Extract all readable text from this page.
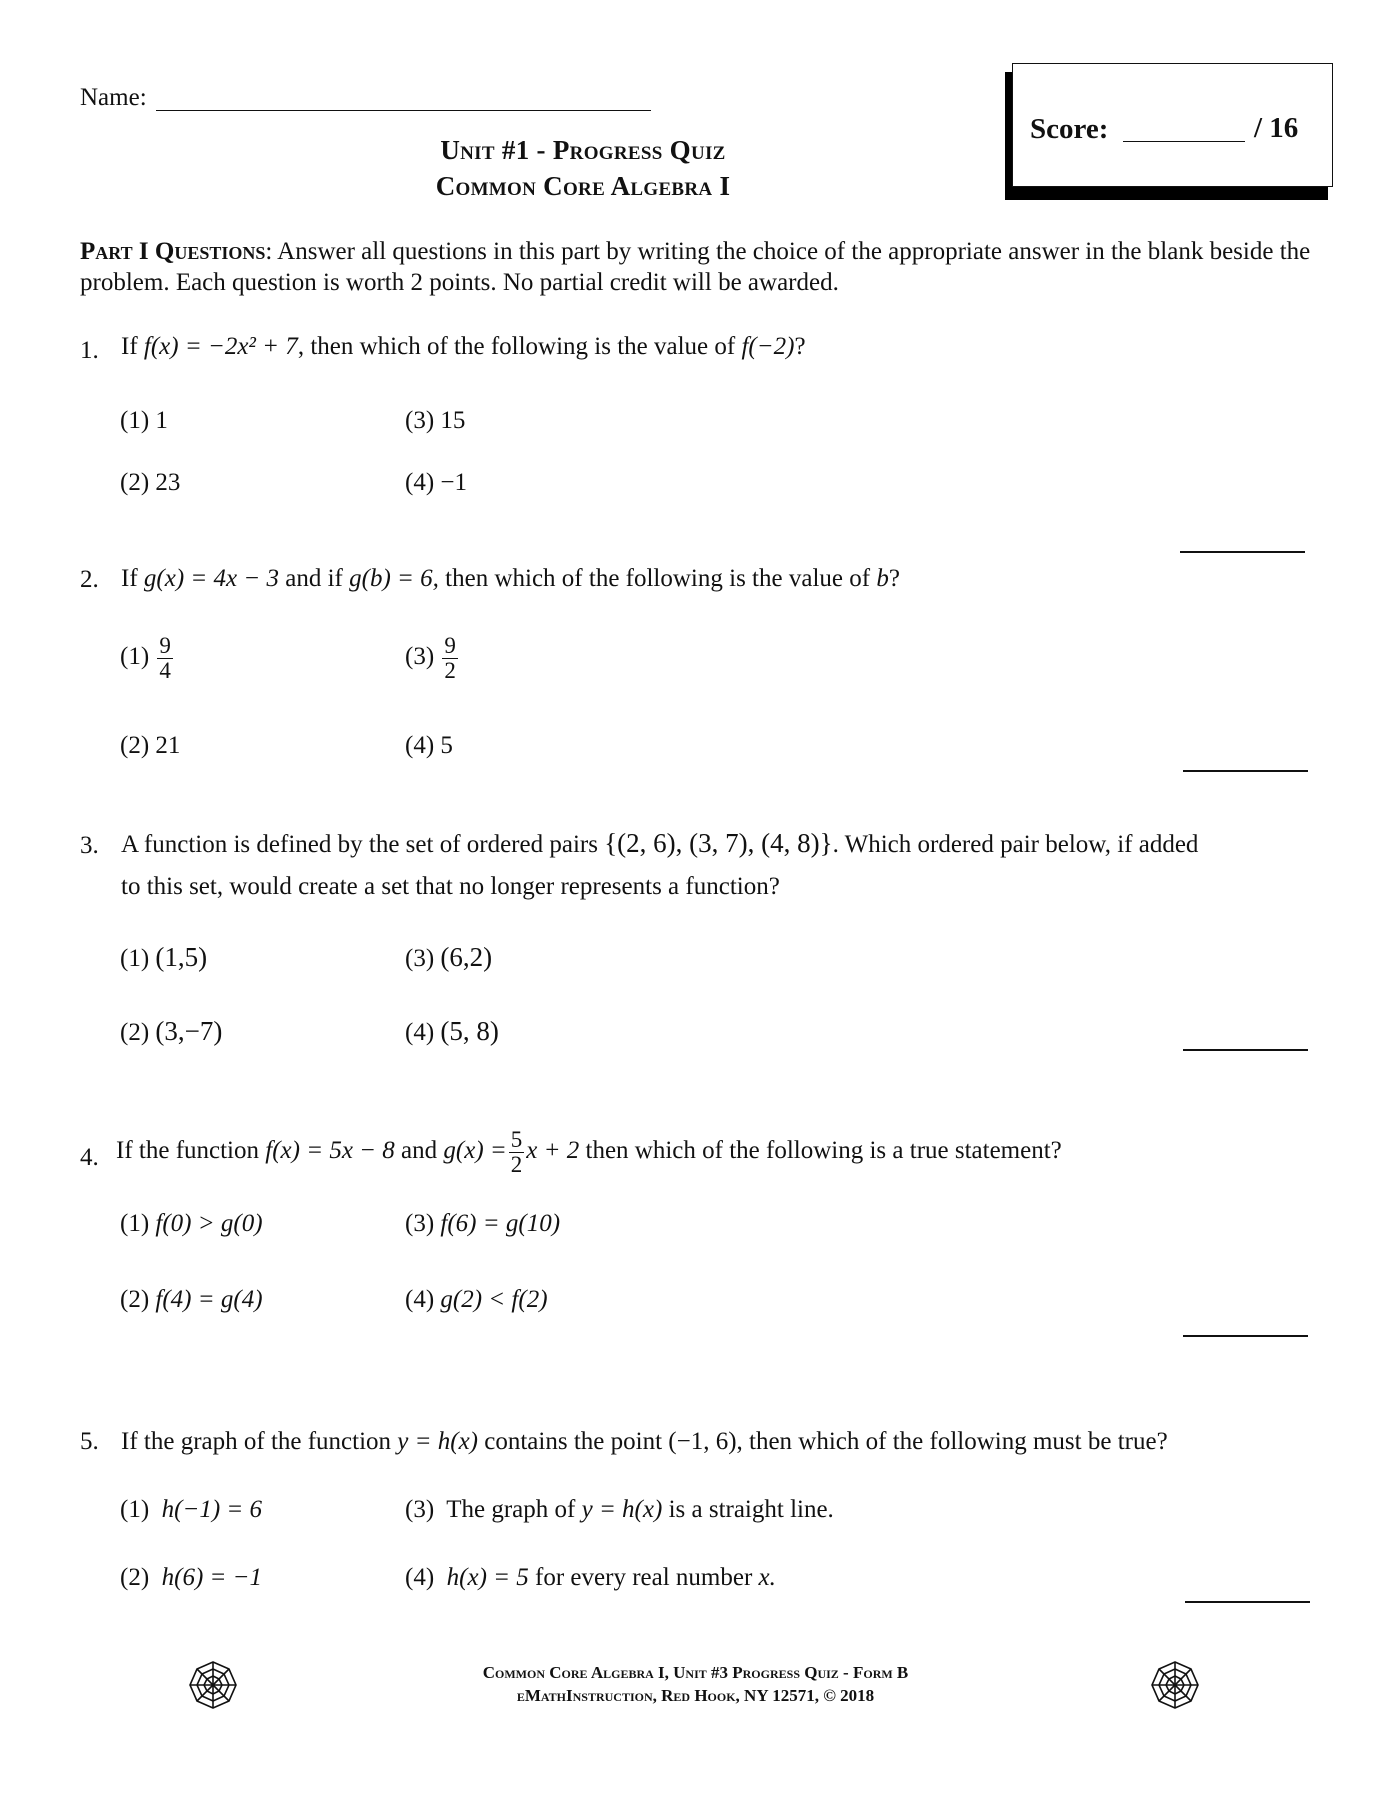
Name:
Unit #1 - Progress Quiz
Common Core Algebra I
Score:	/ 16
Part I Questions: Answer all questions in this part by writing the choice of the appropriate answer in the blank beside the problem. Each question is worth 2 points. No partial credit will be awarded.
1. If f(x) = −2x² + 7, then which of the following is the value of f(−2)?
(1) 1	(3) 15
(2) 23	(4) −1
2. If g(x) = 4x − 3 and if g(b) = 6, then which of the following is the value of b?
$(1) \frac{9}{4}$	$(3) \frac{9}{2}$
(2) 21	(4) 5
3. A function is defined by the set of ordered pairs {(2, 6), (3, 7), (4, 8)}. Which ordered pair below, if added
to this set, would create a set that no longer represents a function?
(1) (1,5)	(3) (6,2)
(2) (3,−7)	(4) (5, 8)
4. If the function f(x) = 5x − 8 and $g(x) = \frac{5}{2}$ x + 2 then which of the following is a true statement?
(1) f(0) > g(0)	(3) f(6) = g(10)
(2) f(4) = g(4)	(4) g(2) < f(2)
5. If the graph of the function y = h(x) contains the point (−1, 6), then which of the following must be true?
(1) h(−1) = 6	(3) The graph of y = h(x) is a straight line.
(2) h(6) = −1	(4) h(x) = 5 for every real number x.
Common Core Algebra I, Unit #3 Progress Quiz - Form B
eMathInstruction, Red Hook, NY 12571, © 2018
